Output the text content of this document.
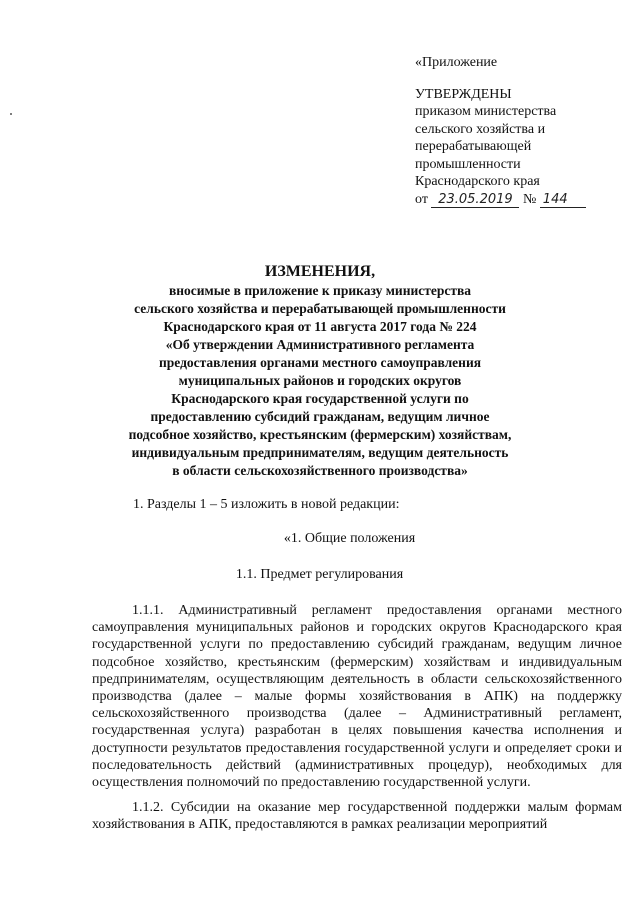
«Приложение
УТВЕРЖДЕНЫ
приказом министерства
сельского хозяйства и
перерабатывающей
промышленности
Краснодарского края
от 23.05.2019 № 144
ИЗМЕНЕНИЯ,
вносимые в приложение к приказу министерства
сельского хозяйства и перерабатывающей промышленности
Краснодарского края от 11 августа 2017 года № 224
«Об утверждении Административного регламента
предоставления органами местного самоуправления
муниципальных районов и городских округов
Краснодарского края государственной услуги по
предоставлению субсидий гражданам, ведущим личное
подсобное хозяйство, крестьянским (фермерским) хозяйствам,
индивидуальным предпринимателям, ведущим деятельность
в области сельскохозяйственного производства»
1. Разделы 1 – 5 изложить в новой редакции:
«1. Общие положения
1.1. Предмет регулирования
1.1.1. Административный регламент предоставления органами местного самоуправления муниципальных районов и городских округов Краснодарского края государственной услуги по предоставлению субсидий гражданам, ведущим личное подсобное хозяйство, крестьянским (фермерским) хозяйствам и индивидуальным предпринимателям, осуществляющим деятельность в области сельскохозяйственного производства (далее – малые формы хозяйствования в АПК) на поддержку сельскохозяйственного производства (далее – Административный регламент, государственная услуга) разработан в целях повышения качества исполнения и доступности результатов предоставления государственной услуги и определяет сроки и последовательность действий (административных процедур), необходимых для осуществления полномочий по предоставлению государственной услуги.
1.1.2. Субсидии на оказание мер государственной поддержки малым формам хозяйствования в АПК, предоставляются в рамках реализации мероприятий
